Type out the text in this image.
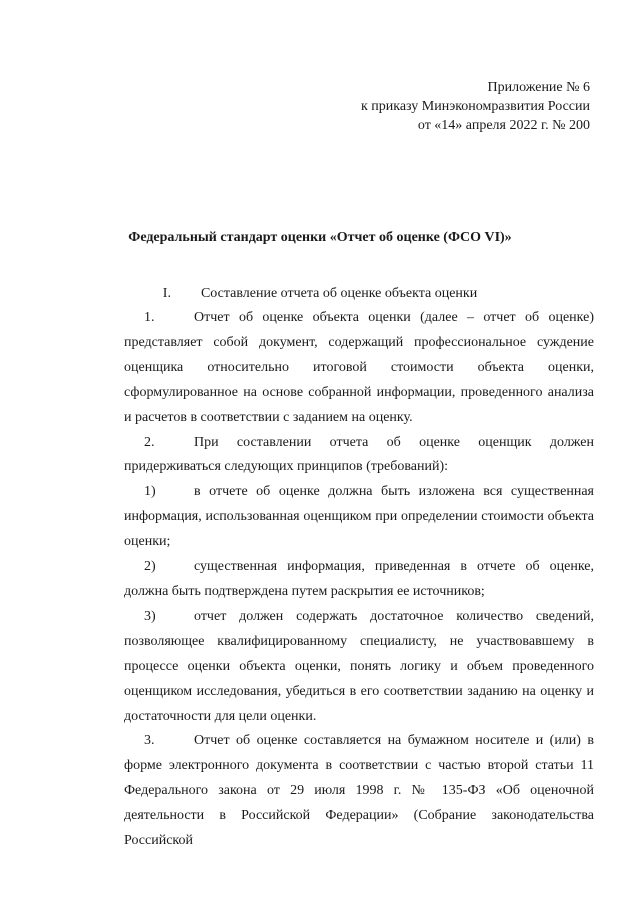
Приложение № 6
к приказу Минэкономразвития России
от «14» апреля 2022 г. № 200
Федеральный стандарт оценки «Отчет об оценке (ФСО VI)»
I. Составление отчета об оценке объекта оценки

1.	Отчет об оценке объекта оценки (далее – отчет об оценке) представляет собой документ, содержащий профессиональное суждение оценщика относительно итоговой стоимости объекта оценки, сформулированное на основе собранной информации, проведенного анализа и расчетов в соответствии с заданием на оценку.

2.	При составлении отчета об оценке оценщик должен придерживаться следующих принципов (требований):

1)	в отчете об оценке должна быть изложена вся существенная информация, использованная оценщиком при определении стоимости объекта оценки;

2)	существенная информация, приведенная в отчете об оценке, должна быть подтверждена путем раскрытия ее источников;

3)	отчет должен содержать достаточное количество сведений, позволяющее квалифицированному специалисту, не участвовавшему в процессе оценки объекта оценки, понять логику и объем проведенного оценщиком исследования, убедиться в его соответствии заданию на оценку и достаточности для цели оценки.

3.	Отчет об оценке составляется на бумажном носителе и (или) в форме электронного документа в соответствии с частью второй статьи 11 Федерального закона от 29 июля 1998 г. № 135-ФЗ «Об оценочной деятельности в Российской Федерации» (Собрание законодательства Российской
